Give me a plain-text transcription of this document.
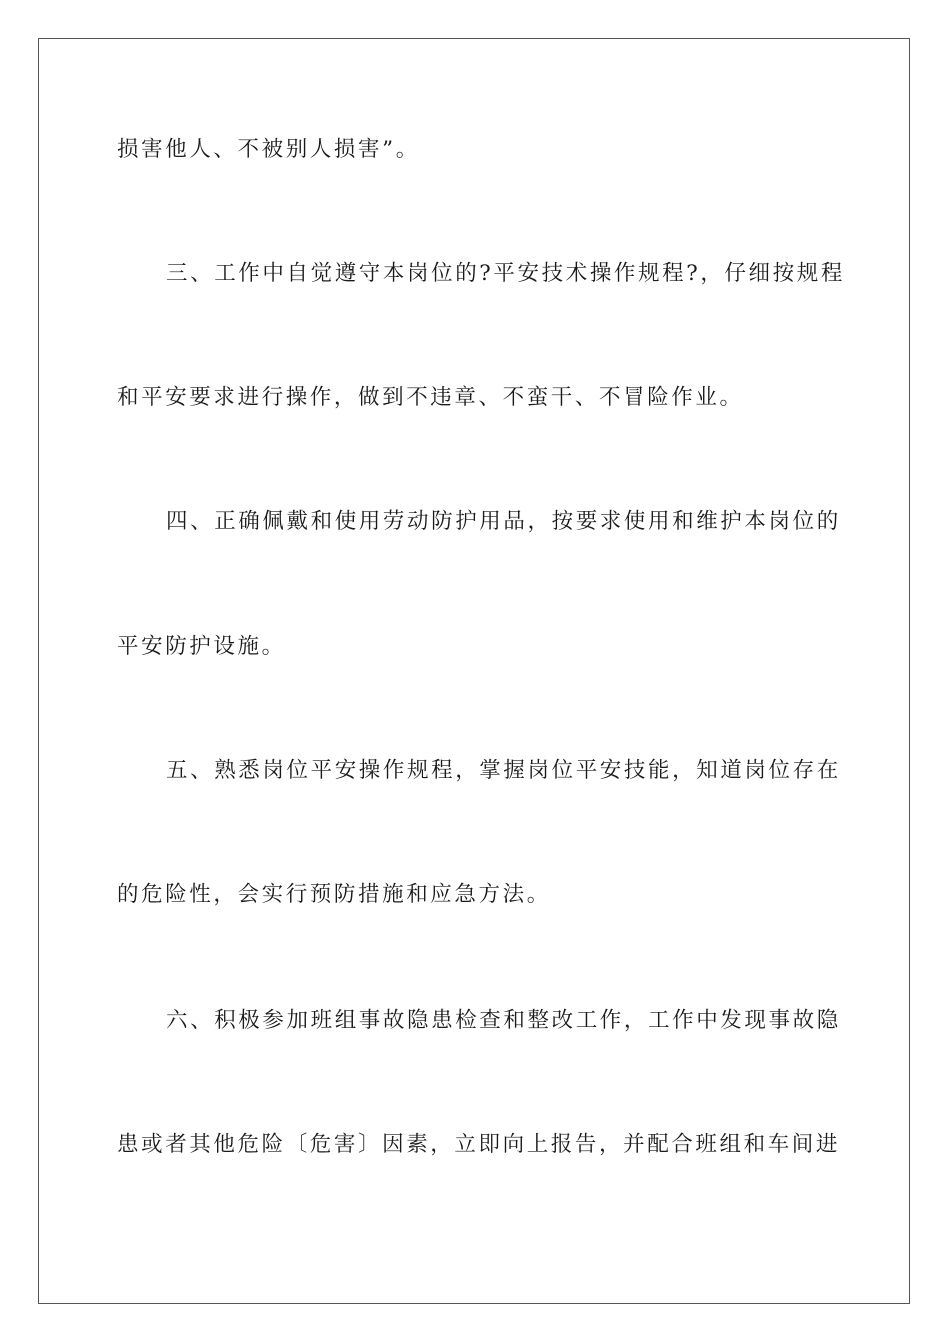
损害他人、不被别人损害”。
三、工作中自觉遵守本岗位的?平安技术操作规程?，仔细按规程
和平安要求进行操作，做到不违章、不蛮干、不冒险作业。
四、正确佩戴和使用劳动防护用品，按要求使用和维护本岗位的
平安防护设施。
五、熟悉岗位平安操作规程，掌握岗位平安技能，知道岗位存在
的危险性，会实行预防措施和应急方法。
六、积极参加班组事故隐患检查和整改工作，工作中发现事故隐
患或者其他危险〔危害〕因素，立即向上报告，并配合班组和车间进
